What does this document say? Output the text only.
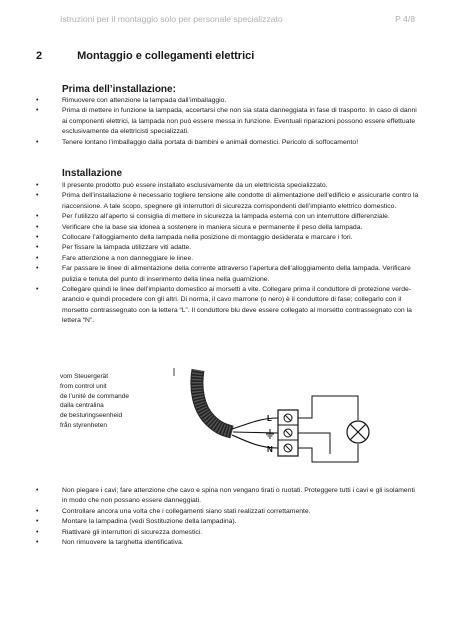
Istruzioni per il montaggio solo per personale specializzato	P 4/8
2	Montaggio e collegamenti elettrici
Prima dell’installazione:
• Rimuovere con attenzione la lampada dall’imballaggio.
• Prima di mettere in funzione la lampada, accertarsi che non sia stata danneggiata in fase di trasporto. In caso di danni ai componenti elettrici, la lampada non può essere messa in funzione. Eventuali riparazioni possono essere effettuate esclusivamente da elettricisti specializzati.
• Tenere lontano l’imballaggio dalla portata di bambini e animali domestici. Pericolo di soffocamento!
Installazione
• Il presente prodotto può essere installato esclusivamente da un elettricista specializzato.
• Prima dell’installazione è necessario togliere tensione alle condotte di alimentazione dell’edificio e assicurarle contro la riaccensione. A tale scopo, spegnere gli interruttori di sicurezza corrispondenti dell’impianto elettrico domestico.
• Per l’utilizzo all’aperto si consiglia di mettere in sicurezza la lampada esterna con un interruttore differenziale.
• Verificare che la base sia idonea a sostenere in maniera sicura e permanente il peso della lampada.
• Collocare l’alloggiamento della lampada nella posizione di montaggio desiderata e marcare i fori.
• Per fissare la lampada utilizzare viti adatte.
• Fare attenzione a non danneggiare le linee.
• Far passare le linee di alimentazione della corrente attraverso l’apertura dell’alloggiamento della lampada. Verificare pulizia e tenuta del punto di inserimento della linea nella guarnizione.
• Collegare quindi le linee dell’impianto domestico ai morsetti a vite. Collegare prima il conduttore di protezione verde-arancio e quindi procedere con gli altri. Di norma, il cavo marrone (o nero) è il conduttore di fase; collegarlo con il morsetto contrassegnato con la lettera “L”. Il conduttore blu deve essere collegato al morsetto contrassegnato con la lettera “N”.
vom Steuergerät
from control unit
de l’unité de commande
dalla centralina
de besturingseenheid
från styrenheten
L
N
• Non piegare i cavi; fare attenzione che cavo e spina non vengano tirati o ruotati. Proteggere tutti i cavi e gli isolamenti in modo che non possano essere danneggiati.
• Controllare ancora una volta che i collegamenti siano stati realizzati correttamente.
• Montare la lampadina (vedi Sostituzione della lampadina).
• Riattivare gli interruttori di sicurezza domestici.
• Non rimuovere la targhetta identificativa.
